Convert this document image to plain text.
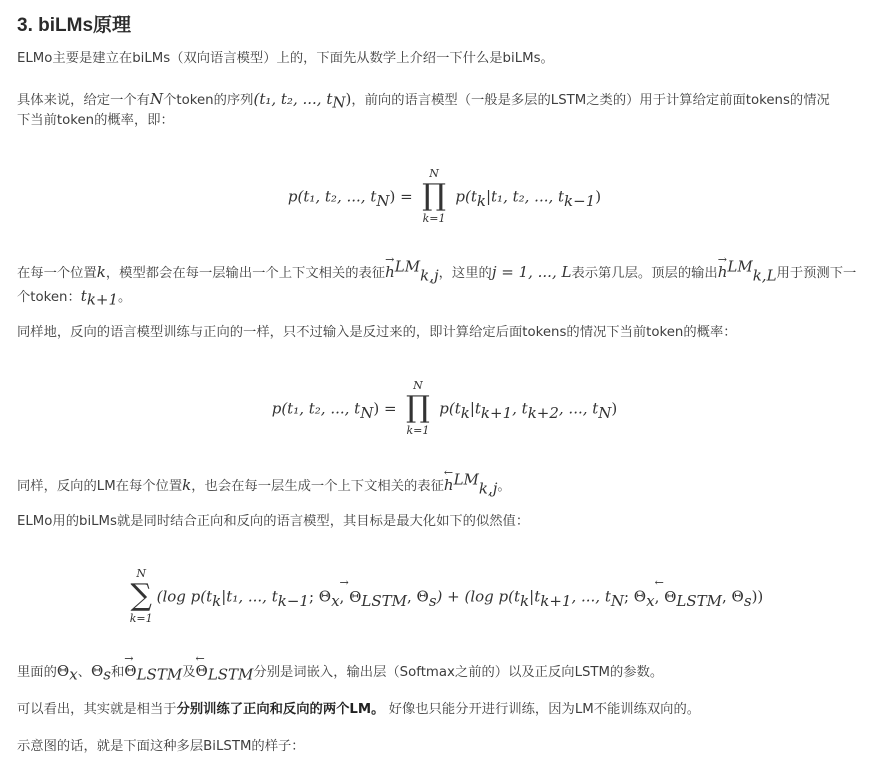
3. biLMs原理
ELMo主要是建立在biLMs（双向语言模型）上的，下面先从数学上介绍一下什么是biLMs。
具体来说，给定一个有N个token的序列(t₁, t₂, ..., $t_N$)，前向的语言模型（一般是多层的LSTM之类的）用于计算给定前面tokens的情况
下当前token的概率，即：
p(t₁, t₂, ..., $t_N$) =
N
∏
k=1
$p(t_k|t_1$, t₂, ..., $t_{k-1}$)
在每一个位置k，模型都会在每一层输出一个上下文相关的表征→ $h^{LM}_{k,j}$，这里的j = 1, ..., L表示第几层。顶层的输出→ $h^{LM}_{k,L}$用于预测下一
个token：$t_{k+1}$。
同样地，反向的语言模型训练与正向的一样，只不过输入是反过来的，即计算给定后面tokens的情况下当前token的概率：
p(t₁, t₂, ..., $t_N$) =
N
∏
k=1
$p(t_k|t_{k+1}$, $t_{k+2}$, ..., $t_N$)
同样，反向的LM在每个位置k，也会在每一层生成一个上下文相关的表征← $h^{LM}_{k,j}$。
ELMo用的biLMs就是同时结合正向和反向的语言模型，其目标是最大化如下的似然值：
N
∑
k=1
(log $p(t_k|t_1$, ..., $t_{k-1}$; $\Theta_x\to$ , $\Theta_{LSTM}$, $\Theta_s) + (\log$ $p(t_k|t_{k+1}$, ..., $t_N$; $\Theta_x\leftarrow$ , $\Theta_{LSTM}$, $\Theta_s$))
里面的$\Theta_x$、$\Theta_s$和→ $\Theta_{LSTM}$及← $\Theta_{LSTM}$分别是词嵌入，输出层（Softmax之前的）以及正反向LSTM的参数。
可以看出，其实就是相当于分别训练了正向和反向的两个LM。 好像也只能分开进行训练，因为LM不能训练双向的。
示意图的话，就是下面这种多层BiLSTM的样子：
